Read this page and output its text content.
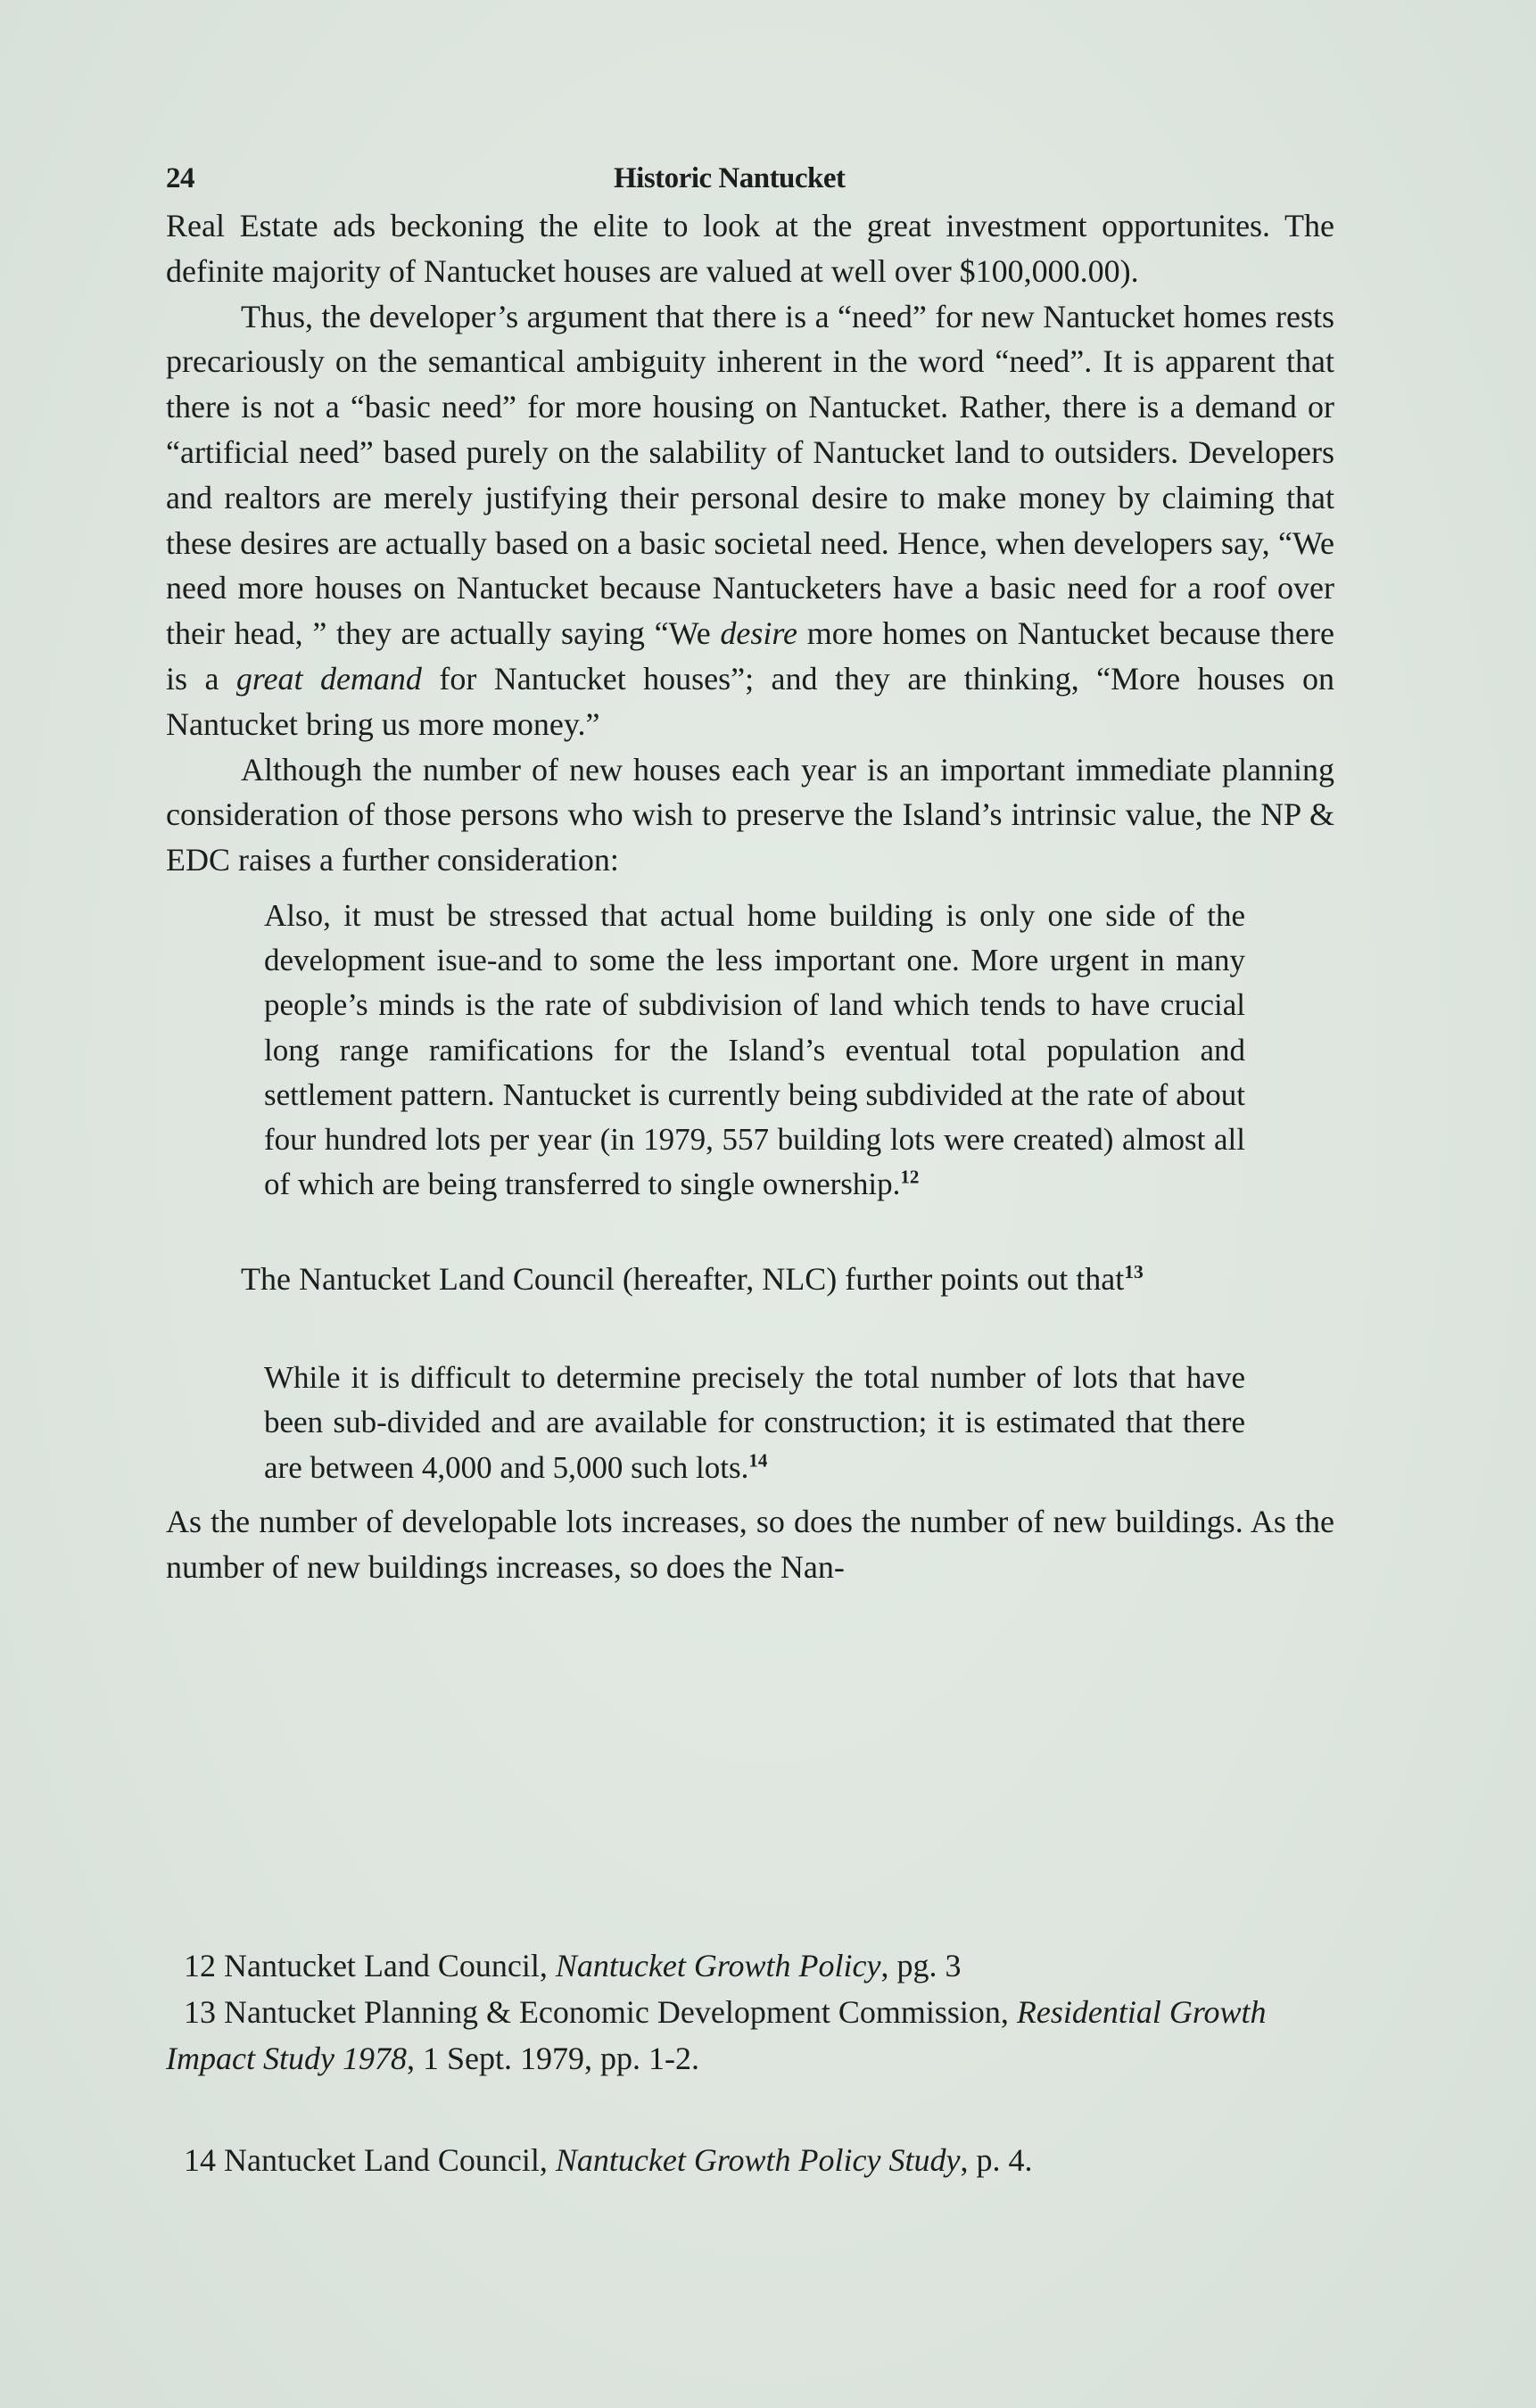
24	Historic Nantucket

Real Estate ads beckoning the elite to look at the great investment opportunites. The definite majority of Nantucket houses are valued at well over $100,000.00).

Thus, the developer’s argument that there is a “need” for new Nantucket homes rests precariously on the semantical ambiguity inherent in the word “need”. It is apparent that there is not a “basic need” for more housing on Nantucket. Rather, there is a demand or “artificial need” based purely on the salability of Nantucket land to outsiders. Developers and realtors are merely justifying their personal desire to make money by claiming that these desires are actually based on a basic societal need. Hence, when developers say, “We need more houses on Nantucket because Nantucketers have a basic need for a roof over their head, ” they are actually saying “We desire more homes on Nantucket because there is a great demand for Nantucket houses”; and they are thinking, “More houses on Nantucket bring us more money.”

Although the number of new houses each year is an important immediate planning consideration of those persons who wish to preserve the Island’s intrinsic value, the NP & EDC raises a further consideration:

Also, it must be stressed that actual home building is only one side of the development isue-and to some the less important one. More urgent in many people’s minds is the rate of subdivision of land which tends to have crucial long range ramifications for the Island’s eventual total population and settlement pattern. Nantucket is currently being subdivided at the rate of about four hundred lots per year (in 1979, 557 building lots were created) almost all of which are being transferred to single ownership.$^{12}$

The Nantucket Land Council (hereafter, NLC) further points out that$^{13}$

While it is difficult to determine precisely the total number of lots that have been sub-divided and are available for construction; it is estimated that there are between 4,000 and 5,000 such lots.$^{14}$

As the number of developable lots increases, so does the number of new buildings. As the number of new buildings increases, so does the Nan-

12 Nantucket Land Council, Nantucket Growth Policy, pg. 3

13 Nantucket Planning & Economic Development Commission, Residential Growth Impact Study 1978, 1 Sept. 1979, pp. 1-2.

14 Nantucket Land Council, Nantucket Growth Policy Study, p. 4.
